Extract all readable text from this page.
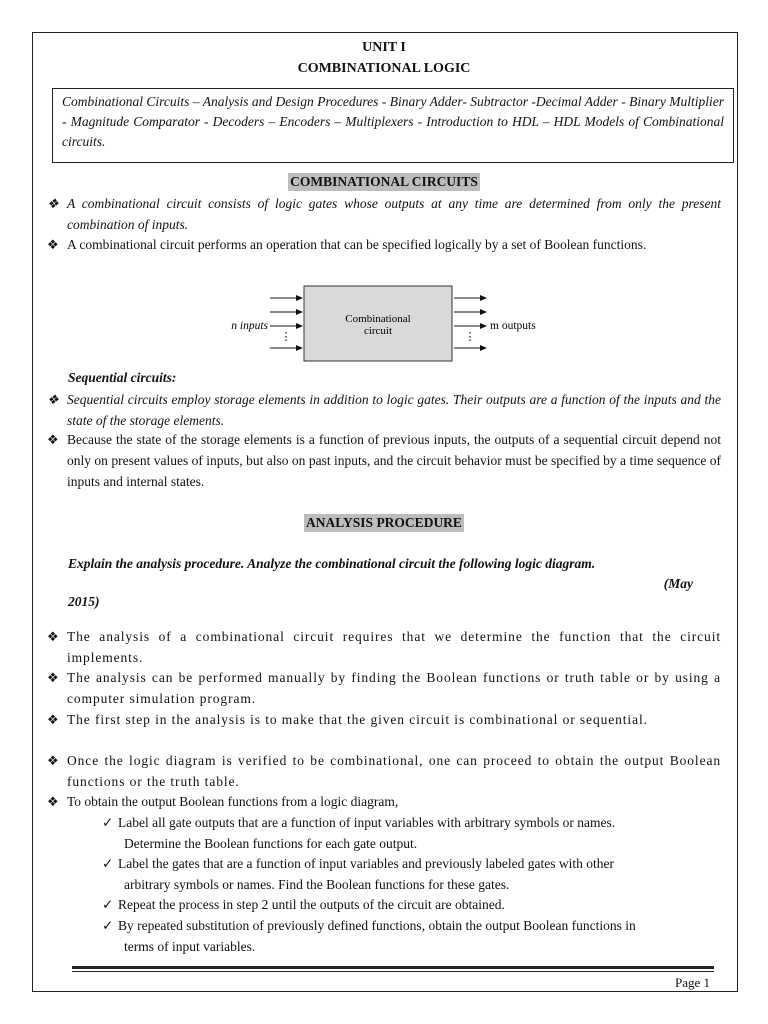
UNIT I
COMBINATIONAL LOGIC
Combinational Circuits – Analysis and Design Procedures - Binary Adder- Subtractor -Decimal Adder - Binary Multiplier - Magnitude Comparator - Decoders – Encoders – Multiplexers - Introduction to HDL – HDL Models of Combinational circuits.
COMBINATIONAL CIRCUITS
❖ A combinational circuit consists of logic gates whose outputs at any time are determined from only the present combination of inputs.
❖ A combinational circuit performs an operation that can be specified logically by a set of Boolean functions.
Combinational
circuit
⋮	⋮
n inputs	m outputs
Sequential circuits:
❖ Sequential circuits employ storage elements in addition to logic gates. Their outputs are a function of the inputs and the state of the storage elements.
❖ Because the state of the storage elements is a function of previous inputs, the outputs of a sequential circuit depend not only on present values of inputs, but also on past inputs, and the circuit behavior must be specified by a time sequence of inputs and internal states.
ANALYSIS PROCEDURE
Explain the analysis procedure. Analyze the combinational circuit the following logic diagram.
(May
2015)
❖ The analysis of a combinational circuit requires that we determine the function that the circuit implements.
❖ The analysis can be performed manually by finding the Boolean functions or truth table or by using a computer simulation program.
❖ The first step in the analysis is to make that the given circuit is combinational or sequential.
❖ Once the logic diagram is verified to be combinational, one can proceed to obtain the output Boolean functions or the truth table.
❖ To obtain the output Boolean functions from a logic diagram,
✓ Label all gate outputs that are a function of input variables with arbitrary symbols or names.
Determine the Boolean functions for each gate output.
✓ Label the gates that are a function of input variables and previously labeled gates with other
arbitrary symbols or names. Find the Boolean functions for these gates.
✓ Repeat the process in step 2 until the outputs of the circuit are obtained.
✓ By repeated substitution of previously defined functions, obtain the output Boolean functions in
terms of input variables.
Page 1
